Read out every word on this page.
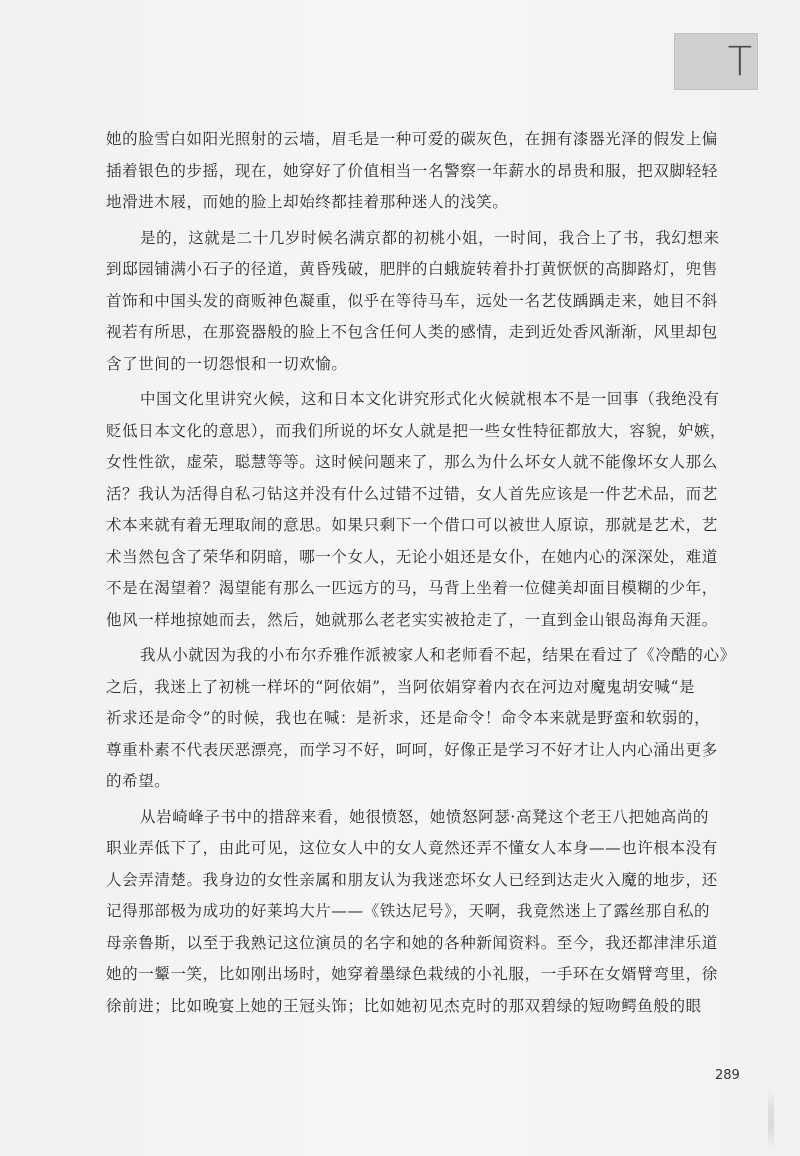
T
她的脸雪白如阳光照射的云墙，眉毛是一种可爱的碳灰色，在拥有漆器光泽的假发上偏
插着银色的步摇，现在，她穿好了价值相当一名警察一年薪水的昂贵和服，把双脚轻轻
地滑进木屐，而她的脸上却始终都挂着那种迷人的浅笑。
是的，这就是二十几岁时候名满京都的初桃小姐，一时间，我合上了书，我幻想来
到邸园铺满小石子的径道，黄昏残破，肥胖的白蛾旋转着扑打黄恹恹的高脚路灯，兜售
首饰和中国头发的商贩神色凝重，似乎在等待马车，远处一名艺伎踽踽走来，她目不斜
视若有所思，在那瓷器般的脸上不包含任何人类的感情，走到近处香风渐渐，风里却包
含了世间的一切怨恨和一切欢愉。
中国文化里讲究火候，这和日本文化讲究形式化火候就根本不是一回事（我绝没有
贬低日本文化的意思），而我们所说的坏女人就是把一些女性特征都放大，容貌，妒嫉，
女性性欲，虚荣，聪慧等等。这时候问题来了，那么为什么坏女人就不能像坏女人那么
活？我认为活得自私刁钻这并没有什么过错不过错，女人首先应该是一件艺术品，而艺
术本来就有着无理取闹的意思。如果只剩下一个借口可以被世人原谅，那就是艺术，艺
术当然包含了荣华和阴暗，哪一个女人，无论小姐还是女仆，在她内心的深深处，难道
不是在渴望着？渴望能有那么一匹远方的马，马背上坐着一位健美却面目模糊的少年，
他风一样地掠她而去，然后，她就那么老老实实被抢走了，一直到金山银岛海角天涯。
我从小就因为我的小布尔乔雅作派被家人和老师看不起，结果在看过了《冷酷的心》
之后，我迷上了初桃一样坏的“阿依娟”，当阿依娟穿着内衣在河边对魔鬼胡安喊“是
祈求还是命令”的时候，我也在喊：是祈求，还是命令！命令本来就是野蛮和软弱的，
尊重朴素不代表厌恶漂亮，而学习不好，呵呵，好像正是学习不好才让人内心涌出更多
的希望。
从岩崎峰子书中的措辞来看，她很愤怒，她愤怒阿瑟·高凳这个老王八把她高尚的
职业弄低下了，由此可见，这位女人中的女人竟然还弄不懂女人本身——也许根本没有
人会弄清楚。我身边的女性亲属和朋友认为我迷恋坏女人已经到达走火入魔的地步，还
记得那部极为成功的好莱坞大片——《铁达尼号》，天啊，我竟然迷上了露丝那自私的
母亲鲁斯，以至于我熟记这位演员的名字和她的各种新闻资料。至今，我还都津津乐道
她的一颦一笑，比如刚出场时，她穿着墨绿色栽绒的小礼服，一手环在女婿臂弯里，徐
徐前进；比如晚宴上她的王冠头饰；比如她初见杰克时的那双碧绿的短吻鳄鱼般的眼
289
